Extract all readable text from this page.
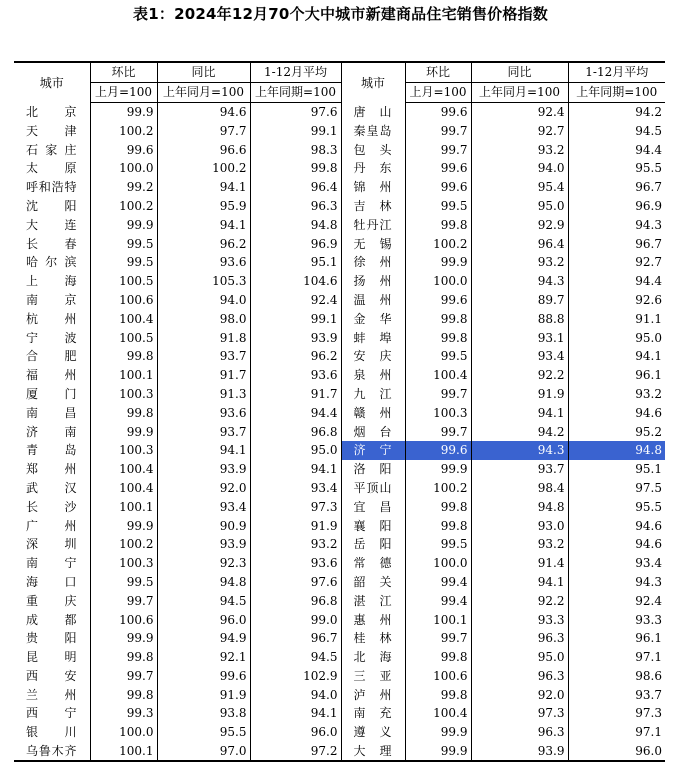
表1：2024年12月70个大中城市新建商品住宅销售价格指数
城市	环比	同比	1-12月平均	城市	环比	同比	1-12月平均
	上月=100	上年同月=100	上年同期=100		上月=100	上年同月=100	上年同期=100
北京	99.9	94.6	97.6	唐山	99.6	92.4	94.2
天津	100.2	97.7	99.1	秦皇岛	99.7	92.7	94.5
石家庄	99.6	96.6	98.3	包头	99.7	93.2	94.4
太原	100.0	100.2	99.8	丹东	99.6	94.0	95.5
呼和浩特	99.2	94.1	96.4	锦州	99.6	95.4	96.7
沈阳	100.2	95.9	96.3	吉林	99.5	95.0	96.9
大连	99.9	94.1	94.8	牡丹江	99.8	92.9	94.3
长春	99.5	96.2	96.9	无锡	100.2	96.4	96.7
哈尔滨	99.5	93.6	95.1	徐州	99.9	93.2	92.7
上海	100.5	105.3	104.6	扬州	100.0	94.3	94.4
南京	100.6	94.0	92.4	温州	99.6	89.7	92.6
杭州	100.4	98.0	99.1	金华	99.8	88.8	91.1
宁波	100.5	91.8	93.9	蚌埠	99.8	93.1	95.0
合肥	99.8	93.7	96.2	安庆	99.5	93.4	94.1
福州	100.1	91.7	93.6	泉州	100.4	92.2	96.1
厦门	100.3	91.3	91.7	九江	99.7	91.9	93.2
南昌	99.8	93.6	94.4	赣州	100.3	94.1	94.6
济南	99.9	93.7	96.8	烟台	99.7	94.2	95.2
青岛	100.3	94.1	95.0	济宁	99.6	94.3	94.8
郑州	100.4	93.9	94.1	洛阳	99.9	93.7	95.1
武汉	100.4	92.0	93.4	平顶山	100.2	98.4	97.5
长沙	100.1	93.4	97.3	宜昌	99.8	94.8	95.5
广州	99.9	90.9	91.9	襄阳	99.8	93.0	94.6
深圳	100.2	93.9	93.2	岳阳	99.5	93.2	94.6
南宁	100.3	92.3	93.6	常德	100.0	91.4	93.4
海口	99.5	94.8	97.6	韶关	99.4	94.1	94.3
重庆	99.7	94.5	96.8	湛江	99.4	92.2	92.4
成都	100.6	96.0	99.0	惠州	100.1	93.3	93.3
贵阳	99.9	94.9	96.7	桂林	99.7	96.3	96.1
昆明	99.8	92.1	94.5	北海	99.8	95.0	97.1
西安	99.7	99.6	102.9	三亚	100.6	96.3	98.6
兰州	99.8	91.9	94.0	泸州	99.8	92.0	93.7
西宁	99.3	93.8	94.1	南充	100.4	97.3	97.3
银川	100.0	95.5	96.0	遵义	99.9	96.3	97.1
乌鲁木齐	100.1	97.0	97.2	大理	99.9	93.9	96.0
